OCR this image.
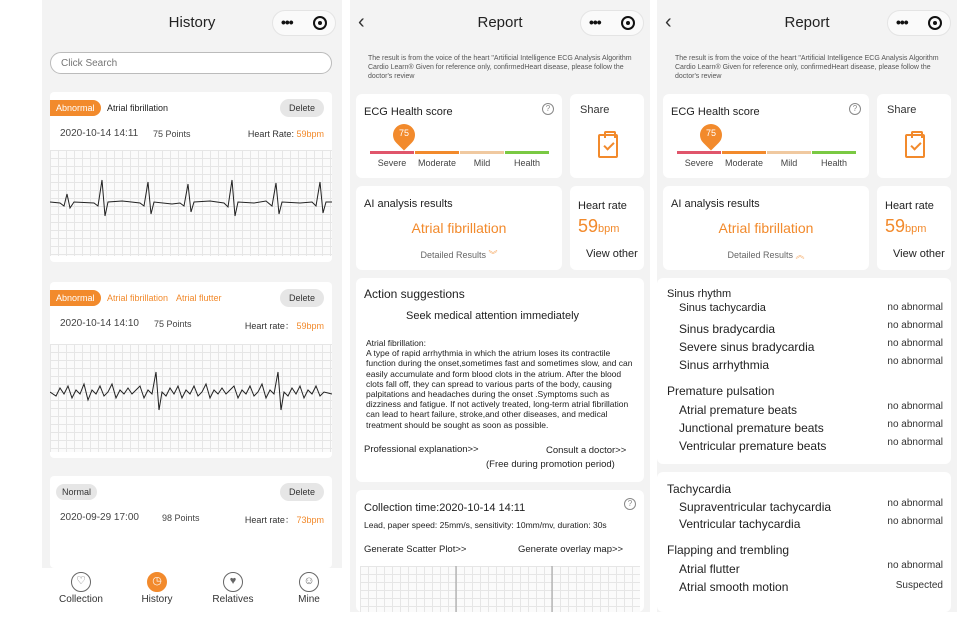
History	•••
Click Search
Abnormal	Atrial fibrillation	Delete
2020-10-14 14:11 75 Points	Heart Rate: 59bpm
Abnormal	Atrial fibrillation Atrial flutter	Delete
2020-10-14 14:10 75 Points	Heart rate： 59bpm
Normal	Delete
2020-09-29 17:00	98 Points	Heart rate： 73bpm
♡
Collection
◷
History
♥
Relatives
☺
Mine
‹	Report	•••
The result is from the voice of the heart "Artificial Intelligence ECG Analysis Algorithm Cardio Learn® Given for reference only, confirmedHeart disease, please follow the doctor's review
ECG Health score	?
75
Severe	Moderate	Mild	Health
Share
AI analysis results
Atrial fibrillation
Detailed Results ︾
Heart rate
59bpm
View other
Action suggestions
Seek medical attention immediately
Atrial fibrillation:
A type of rapid arrhythmia in which the atrium loses its contractile function during the onset,sometimes fast and sometimes slow, and can easily accumulate and form blood clots in the atrium. After the blood clots fall off, they can spread to various parts of the body, causing palpitations and headaches during the onset .Symptoms such as dizziness and fatigue. If not actively treated, long-term atrial fibrillation can lead to heart failure, stroke,and other diseases, and medical treatment should be sought as soon as possible.
Professional explanation>>	Consult a doctor>>
(Free during promotion period)
Collection time:2020-10-14 14:11	?
Lead, paper speed: 25mm/s, sensitivity: 10mm/mv, duration: 30s
Generate Scatter Plot>>	Generate overlay map>>
‹	Report	•••
The result is from the voice of the heart "Artificial Intelligence ECG Analysis Algorithm Cardio Learn® Given for reference only, confirmedHeart disease, please follow the doctor's review
ECG Health score	?
75
Severe	Moderate	Mild	Health
Share
AI analysis results
Atrial fibrillation
Detailed Results ︽
Heart rate
59bpm
View other
Sinus rhythm
Sinus tachycardia	no abnormal
Sinus bradycardia	no abnormal
Severe sinus bradycardia	no abnormal
Sinus arrhythmia	no abnormal
Premature pulsation
Atrial premature beats	no abnormal
Junctional premature beats	no abnormal
Ventricular premature beats	no abnormal
Tachycardia
Supraventricular tachycardia	no abnormal
Ventricular tachycardia	no abnormal
Flapping and trembling
Atrial flutter	no abnormal
Atrial smooth motion	Suspected
